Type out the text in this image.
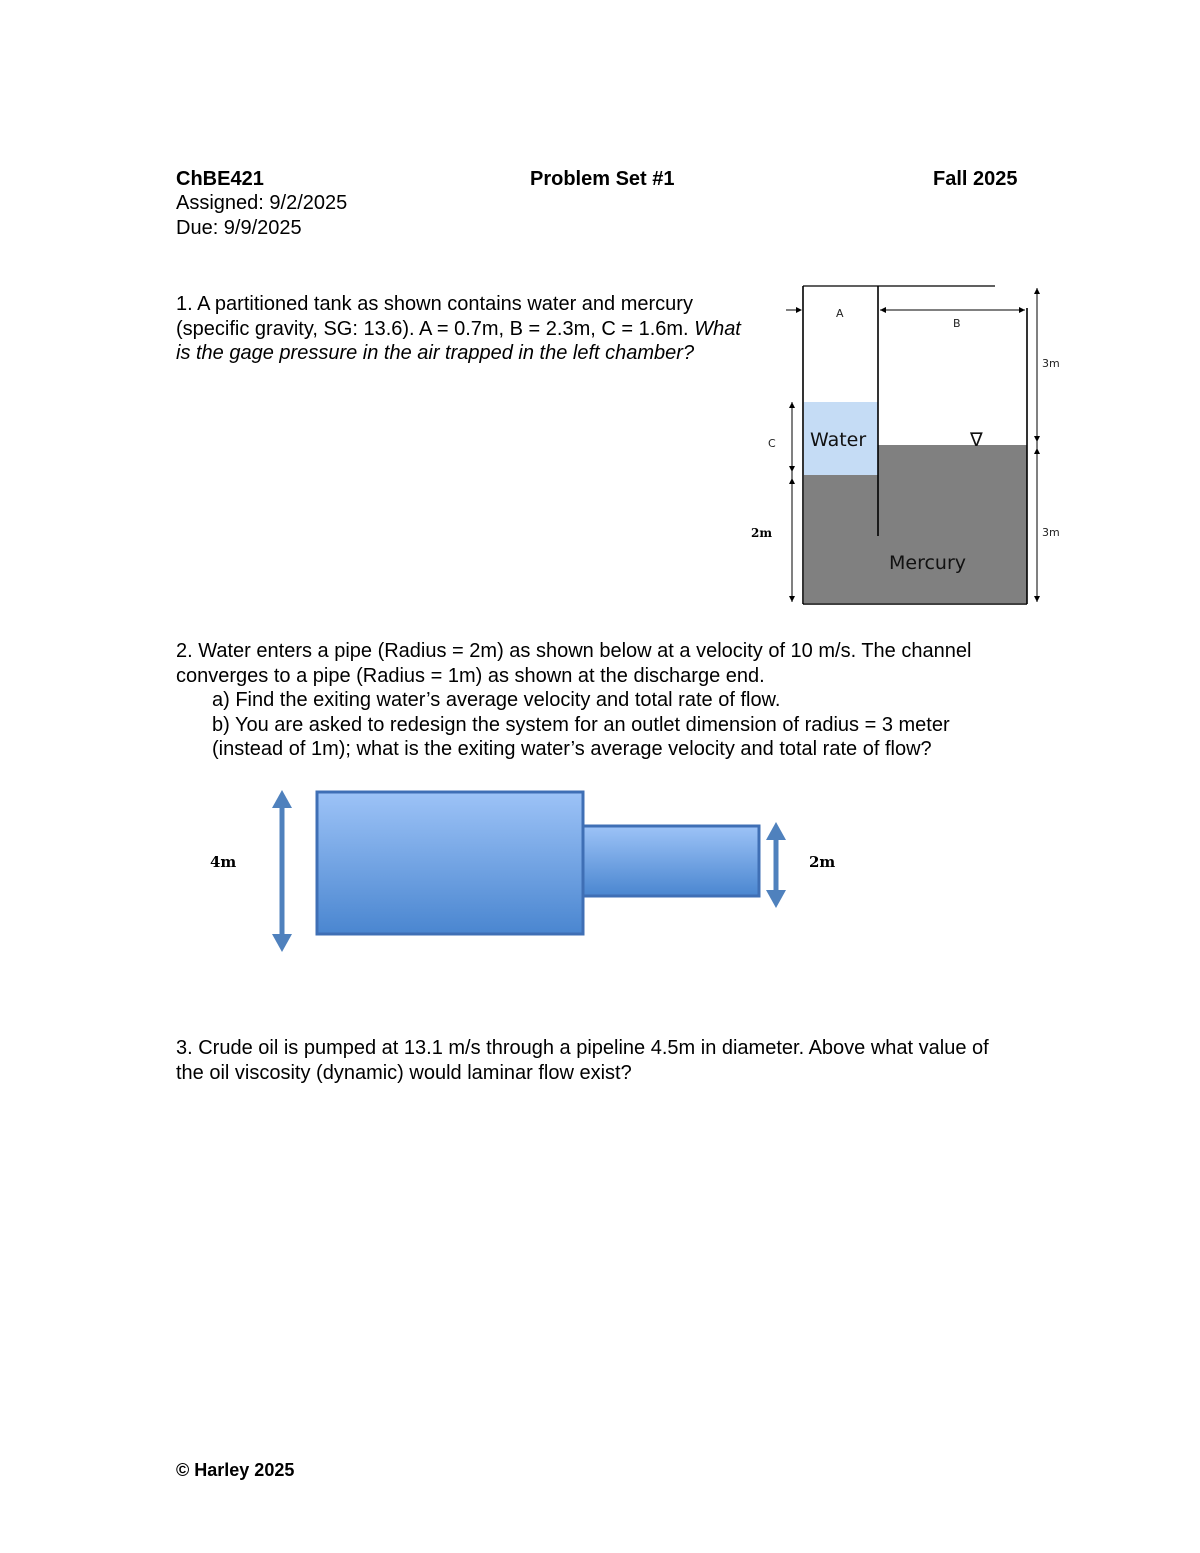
ChBE421	Problem Set #1	Fall 2025
Assigned: 9/2/2025
Due: 9/9/2025
1. A partitioned tank as shown contains water and mercury (specific gravity, SG: 13.6). A = 0.7m, B = 2.3m, C = 1.6m. What is the gage pressure in the air trapped in the left chamber?
A
B
3m
3m
C
2m
Water
Mercury
∇
2. Water enters a pipe (Radius = 2m) as shown below at a velocity of 10 m/s. The channel converges to a pipe (Radius = 1m) as shown at the discharge end.
a) Find the exiting water’s average velocity and total rate of flow.
b) You are asked to redesign the system for an outlet dimension of radius = 3 meter (instead of 1m); what is the exiting water’s average velocity and total rate of flow?
4m	2m
3. Crude oil is pumped at 13.1 m/s through a pipeline 4.5m in diameter. Above what value of the oil viscosity (dynamic) would laminar flow exist?
© Harley 2025
